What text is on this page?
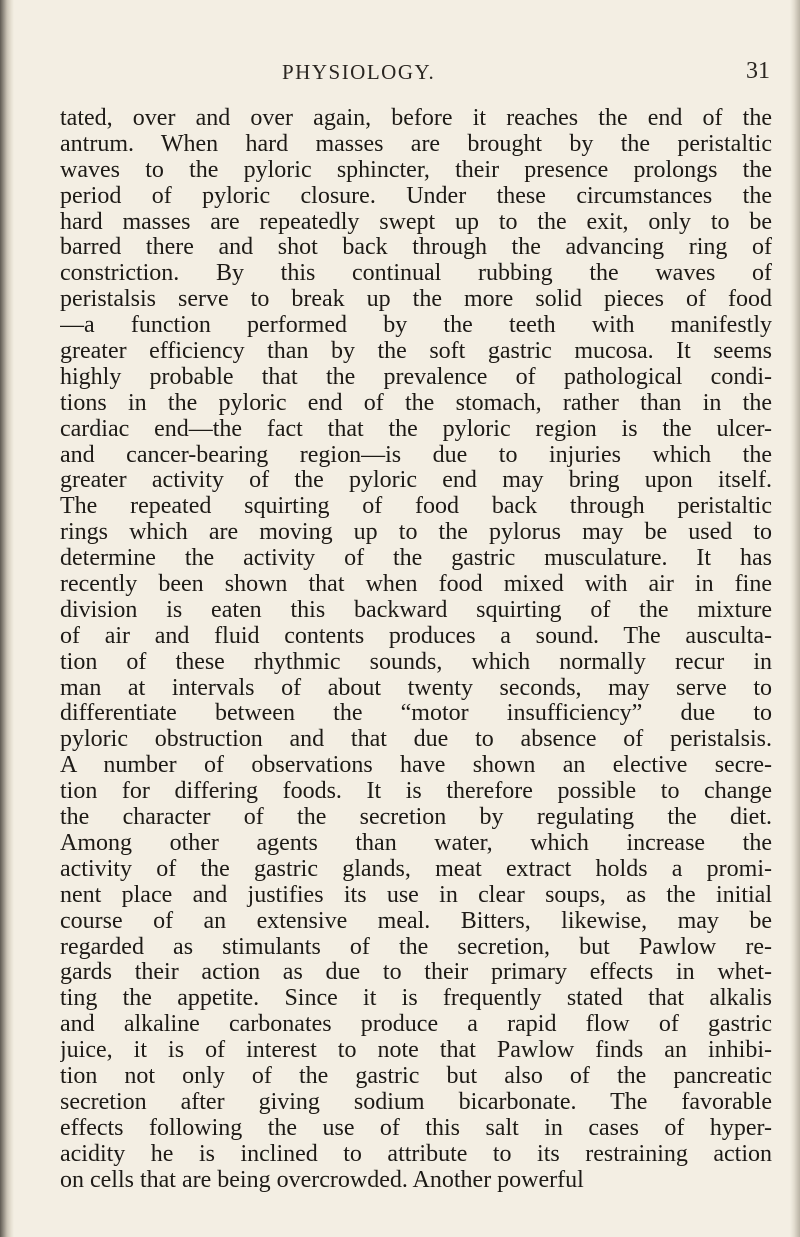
PHYSIOLOGY.	31
tated, over and over again, before it reaches the end of the
antrum. When hard masses are brought by the peristaltic
waves to the pyloric sphincter, their presence prolongs the
period of pyloric closure. Under these circumstances the
hard masses are repeatedly swept up to the exit, only to be
barred there and shot back through the advancing ring of
constriction. By this continual rubbing the waves of
peristalsis serve to break up the more solid pieces of food
—a function performed by the teeth with manifestly
greater efficiency than by the soft gastric mucosa. It seems
highly probable that the prevalence of pathological condi-
tions in the pyloric end of the stomach, rather than in the
cardiac end—the fact that the pyloric region is the ulcer-
and cancer-bearing region—is due to injuries which the
greater activity of the pyloric end may bring upon itself.
The repeated squirting of food back through peristaltic
rings which are moving up to the pylorus may be used to
determine the activity of the gastric musculature. It has
recently been shown that when food mixed with air in fine
division is eaten this backward squirting of the mixture
of air and fluid contents produces a sound. The ausculta-
tion of these rhythmic sounds, which normally recur in
man at intervals of about twenty seconds, may serve to
differentiate between the “motor insufficiency” due to
pyloric obstruction and that due to absence of peristalsis.
A number of observations have shown an elective secre-
tion for differing foods. It is therefore possible to change
the character of the secretion by regulating the diet.
Among other agents than water, which increase the
activity of the gastric glands, meat extract holds a promi-
nent place and justifies its use in clear soups, as the initial
course of an extensive meal. Bitters, likewise, may be
regarded as stimulants of the secretion, but Pawlow re-
gards their action as due to their primary effects in whet-
ting the appetite. Since it is frequently stated that alkalis
and alkaline carbonates produce a rapid flow of gastric
juice, it is of interest to note that Pawlow finds an inhibi-
tion not only of the gastric but also of the pancreatic
secretion after giving sodium bicarbonate. The favorable
effects following the use of this salt in cases of hyper-
acidity he is inclined to attribute to its restraining action
on cells that are being overcrowded. Another powerful
